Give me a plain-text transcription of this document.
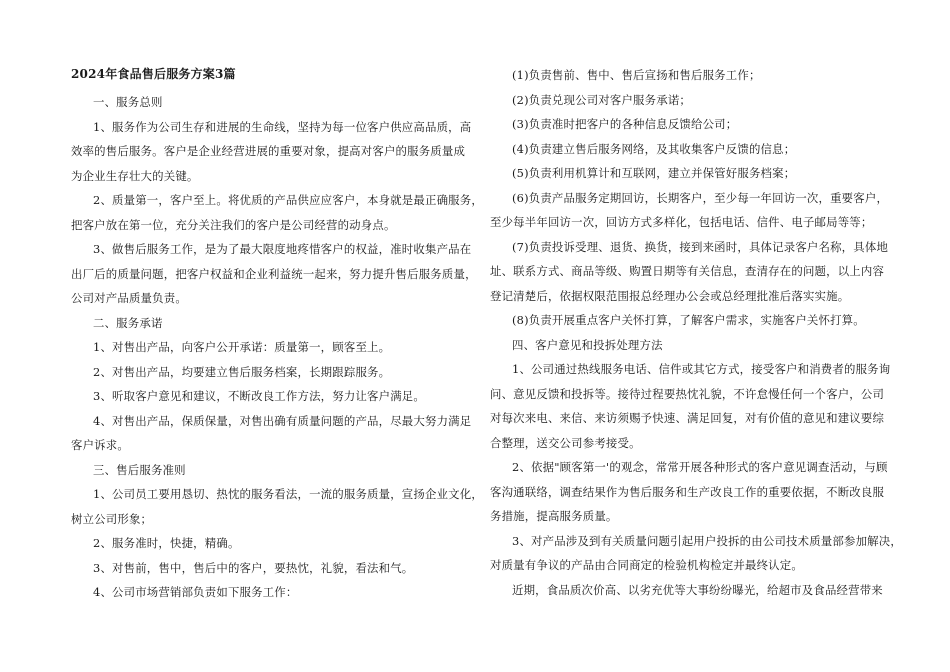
2024年食品售后服务方案3篇
一、服务总则
1、服务作为公司生存和进展的生命线，坚持为每一位客户供应高品质，高
效率的售后服务。客户是企业经营进展的重要对象，提高对客户的服务质量成
为企业生存壮大的关键。
2、质量第一，客户至上。将优质的产品供应应客户，本身就是最正确服务，
把客户放在第一位，充分关注我们的客户是公司经营的动身点。
3、做售后服务工作，是为了最大限度地疼惜客户的权益，准时收集产品在
出厂后的质量问题，把客户权益和企业利益统一起来，努力提升售后服务质量，
公司对产品质量负责。
二、服务承诺
1、对售出产品，向客户公开承诺：质量第一，顾客至上。
2、对售出产品，均要建立售后服务档案，长期跟踪服务。
3、听取客户意见和建议，不断改良工作方法，努力让客户满足。
4、对售出产品，保质保量，对售出确有质量问题的产品，尽最大努力满足
客户诉求。
三、售后服务准则
1、公司员工要用恳切、热忱的服务看法，一流的服务质量，宣扬企业文化，
树立公司形象；
2、服务准时，快捷，精确。
3、对售前，售中，售后中的客户，要热忱，礼貌，看法和气。
4、公司市场营销部负责如下服务工作：
(1)负责售前、售中、售后宣扬和售后服务工作；
(2)负责兑现公司对客户服务承诺；
(3)负责准时把客户的各种信息反馈给公司；
(4)负责建立售后服务网络，及其收集客户反馈的信息；
(5)负责利用机算计和互联网，建立并保管好服务档案；
(6)负责产品服务定期回访，长期客户，至少每一年回访一次，重要客户，
至少每半年回访一次，回访方式多样化，包括电话、信件、电子邮局等等；
(7)负责投诉受理、退货、换货，接到来函时，具体记录客户名称，具体地
址、联系方式、商品等级、购置日期等有关信息，查清存在的问题，以上内容
登记清楚后，依据权限范围报总经理办公会或总经理批准后落实实施。
(8)负责开展重点客户关怀打算，了解客户需求，实施客户关怀打算。
四、客户意见和投拆处理方法
1、公司通过热线服务电话、信件或其它方式，接受客户和消费者的服务询
问、意见反馈和投拆等。接待过程要热忱礼貌，不许怠慢任何一个客户，公司
对每次来电、来信、来访须赐予快速、满足回复，对有价值的意见和建议要综
合整理，送交公司参考接受。
2、依据"顾客第一'的观念，常常开展各种形式的客户意见调查活动，与顾
客沟通联络，调查结果作为售后服务和生产改良工作的重要依据，不断改良服
务措施，提高服务质量。
3、对产品涉及到有关质量问题引起用户投拆的由公司技术质量部参加解决，
对质量有争议的产品由合同商定的检验机构检定并最终认定。
近期，食品质次价高、以劣充优等大事纷纷曝光，给超市及食品经营带来
